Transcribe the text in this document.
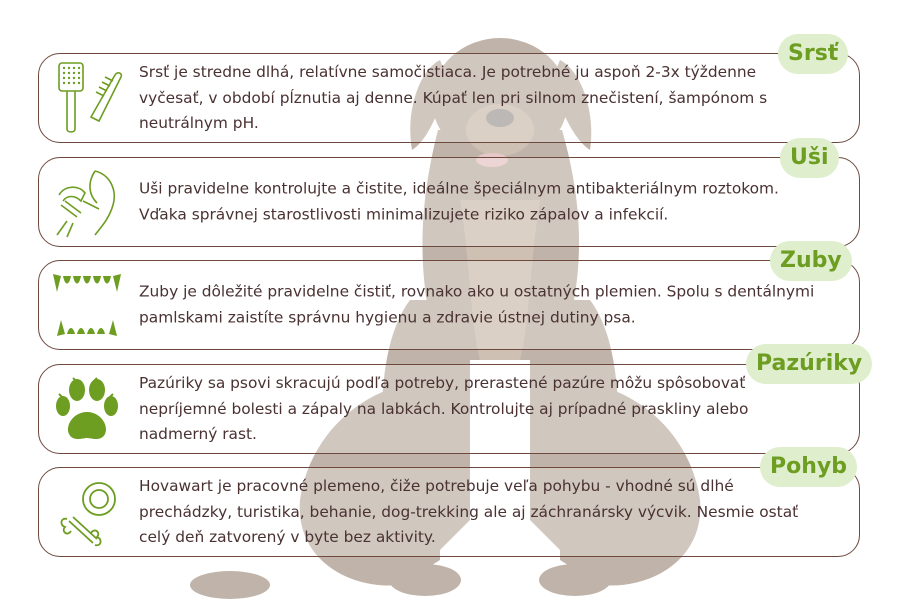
Srsť je stredne dlhá, relatívne samočistiaca. Je potrebné ju aspoň 2-3x týždenne vyčesať, v období pĺznutia aj denne. Kúpať len pri silnom znečistení, šampónom s neutrálnym pH.

Srsť

Uši pravidelne kontrolujte a čistite, ideálne špeciálnym antibakteriálnym roztokom. Vďaka správnej starostlivosti minimalizujete riziko zápalov a infekcií.

Uši

Zuby je dôležité pravidelne čistiť, rovnako ako u ostatných plemien. Spolu s dentálnymi pamlskami zaistíte správnu hygienu a zdravie ústnej dutiny psa.

Zuby

Pazúriky sa psovi skracujú podľa potreby, prerastené pazúre môžu spôsobovať nepríjemné bolesti a zápaly na labkách. Kontrolujte aj prípadné praskliny alebo nadmerný rast.

Pazúriky

Hovawart je pracovné plemeno, čiže potrebuje veľa pohybu - vhodné sú dlhé prechádzky, turistika, behanie, dog-trekking ale aj záchranársky výcvik. Nesmie ostať celý deň zatvorený v byte bez aktivity.

Pohyb
